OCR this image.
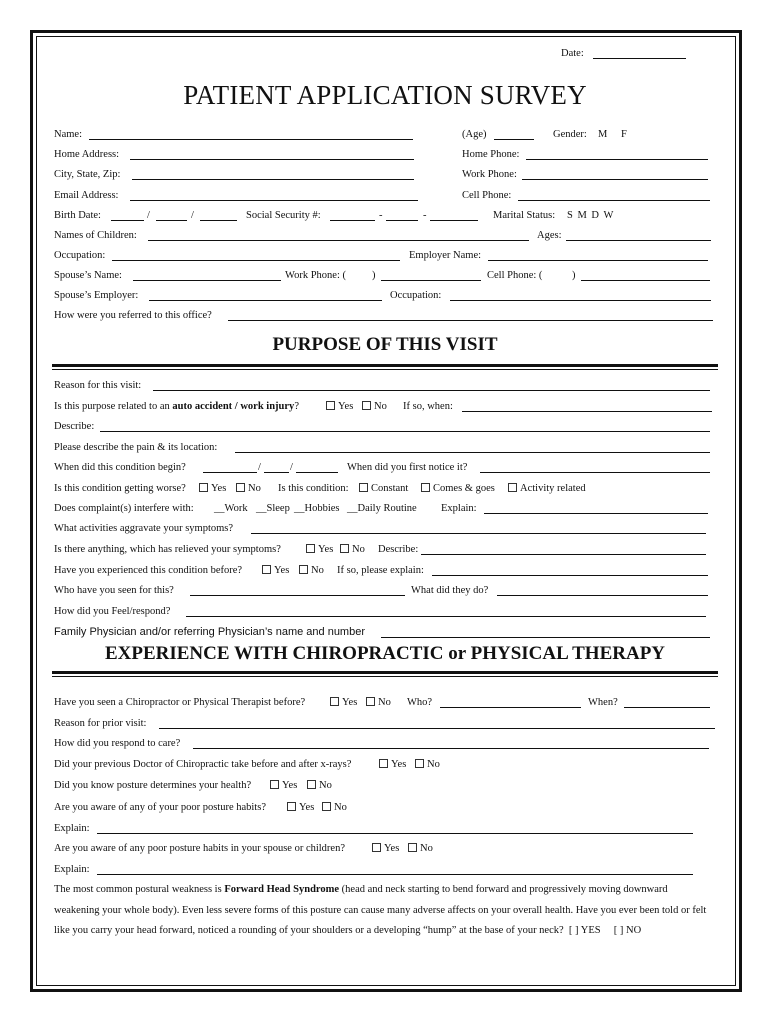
Date:
PATIENT APPLICATION SURVEY
Name:	(Age)	Gender: M F
Home Address:	Home Phone:
City, State, Zip:	Work Phone:
Email Address:	Cell Phone:
Birth Date:	/	/	Social Security #:	-	-	Marital Status: S M D W
Names of Children:	Ages:
Occupation:	Employer Name:
Spouse’s Name:	Work Phone: ( )	Cell Phone: (	)
Spouse’s Employer:	Occupation:
How were you referred to this office?
PURPOSE OF THIS VISIT
Reason for this visit:
Is this purpose related to an auto accident / work injury?	Yes	No If so, when:
Describe:
Please describe the pain & its location:
When did this condition begin?	/	/	When did you first notice it?
Is this condition getting worse?	Yes	No Is this condition:	Constant	Comes & goes	Activity related
Does complaint(s) interfere with: __Work __Sleep __Hobbies __Daily Routine Explain:
What activities aggravate your symptoms?
Is there anything, which has relieved your symptoms?	Yes	No Describe:
Have you experienced this condition before?	Yes	No If so, please explain:
Who have you seen for this?	What did they do?
How did you Feel/respond?
Family Physician and/or referring Physician’s name and number
EXPERIENCE WITH CHIROPRACTIC or PHYSICAL THERAPY
Have you seen a Chiropractor or Physical Therapist before?	Yes	No Who?	When?
Reason for prior visit:
How did you respond to care?
Did your previous Doctor of Chiropractic take before and after x-rays?	Yes	No
Did you know posture determines your health?	Yes	No
Are you aware of any of your poor posture habits?	Yes	No
Explain:
Are you aware of any poor posture habits in your spouse or children?	Yes	No
Explain:
The most common postural weakness is Forward Head Syndrome (head and neck starting to bend forward and progressively moving downward weakening your whole body). Even less severe forms of this posture can cause many adverse affects on your overall health. Have you ever been told or felt like you carry your head forward, noticed a rounding of your shoulders or a developing “hump” at the base of your neck? [ ] YES [ ] NO
